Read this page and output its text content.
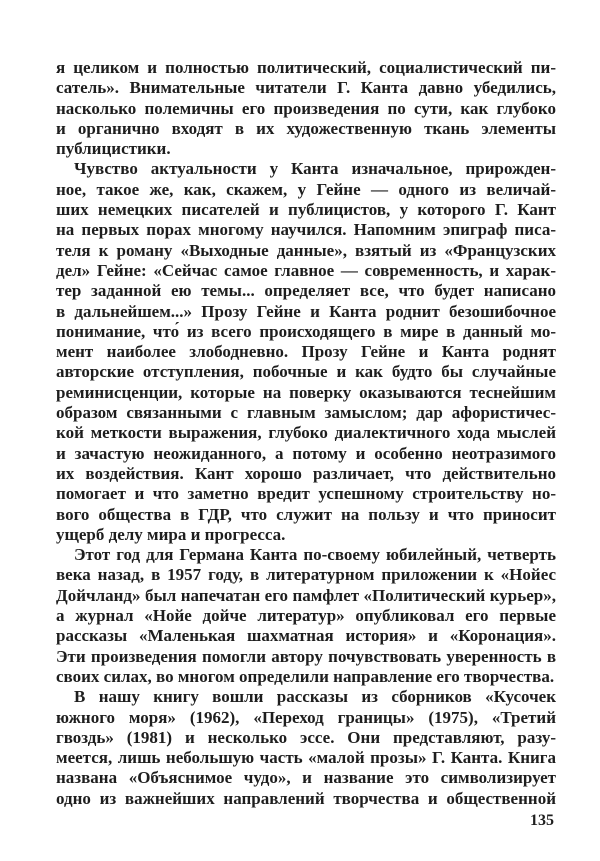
я целиком и полностью политический, социалистический пи-
сатель». Внимательные читатели Г. Канта давно убедились,
насколько полемичны его произведения по сути, как глубоко
и органично входят в их художественную ткань элементы
публицистики.
Чувство актуальности у Канта изначальное, прирожден-
ное, такое же, как, скажем, у Гейне — одного из величай-
ших немецких писателей и публицистов, у которого Г. Кант
на первых порах многому научился. Напомним эпиграф писа-
теля к роману «Выходные данные», взятый из «Французских
дел» Гейне: «Сейчас самое главное — современность, и харак-
тер заданной ею темы... определяет все, что будет написано
в дальнейшем...» Прозу Гейне и Канта роднит безошибочное
понимание, что́ из всего происходящего в мире в данный мо-
мент наиболее злободневно. Прозу Гейне и Канта роднят
авторские отступления, побочные и как будто бы случайные
реминисценции, которые на поверку оказываются теснейшим
образом связанными с главным замыслом; дар афористичес-
кой меткости выражения, глубоко диалектичного хода мыслей
и зачастую неожиданного, а потому и особенно неотразимого
их воздействия. Кант хорошо различает, что действительно
помогает и что заметно вредит успешному строительству но-
вого общества в ГДР, что служит на пользу и что приносит
ущерб делу мира и прогресса.
Этот год для Германа Канта по-своему юбилейный, четверть
века назад, в 1957 году, в литературном приложении к «Нойес
Дойчланд» был напечатан его памфлет «Политический курьер»,
а журнал «Нойе дойче литератур» опубликовал его первые
рассказы «Маленькая шахматная история» и «Коронация».
Эти произведения помогли автору почувствовать уверенность в
своих силах, во многом определили направление его творчества.
В нашу книгу вошли рассказы из сборников «Кусочек
южного моря» (1962), «Переход границы» (1975), «Третий
гвоздь» (1981) и несколько эссе. Они представляют, разу-
меется, лишь небольшую часть «малой прозы» Г. Канта. Книга
названа «Объяснимое чудо», и название это символизирует
одно из важнейших направлений творчества и общественной
135
